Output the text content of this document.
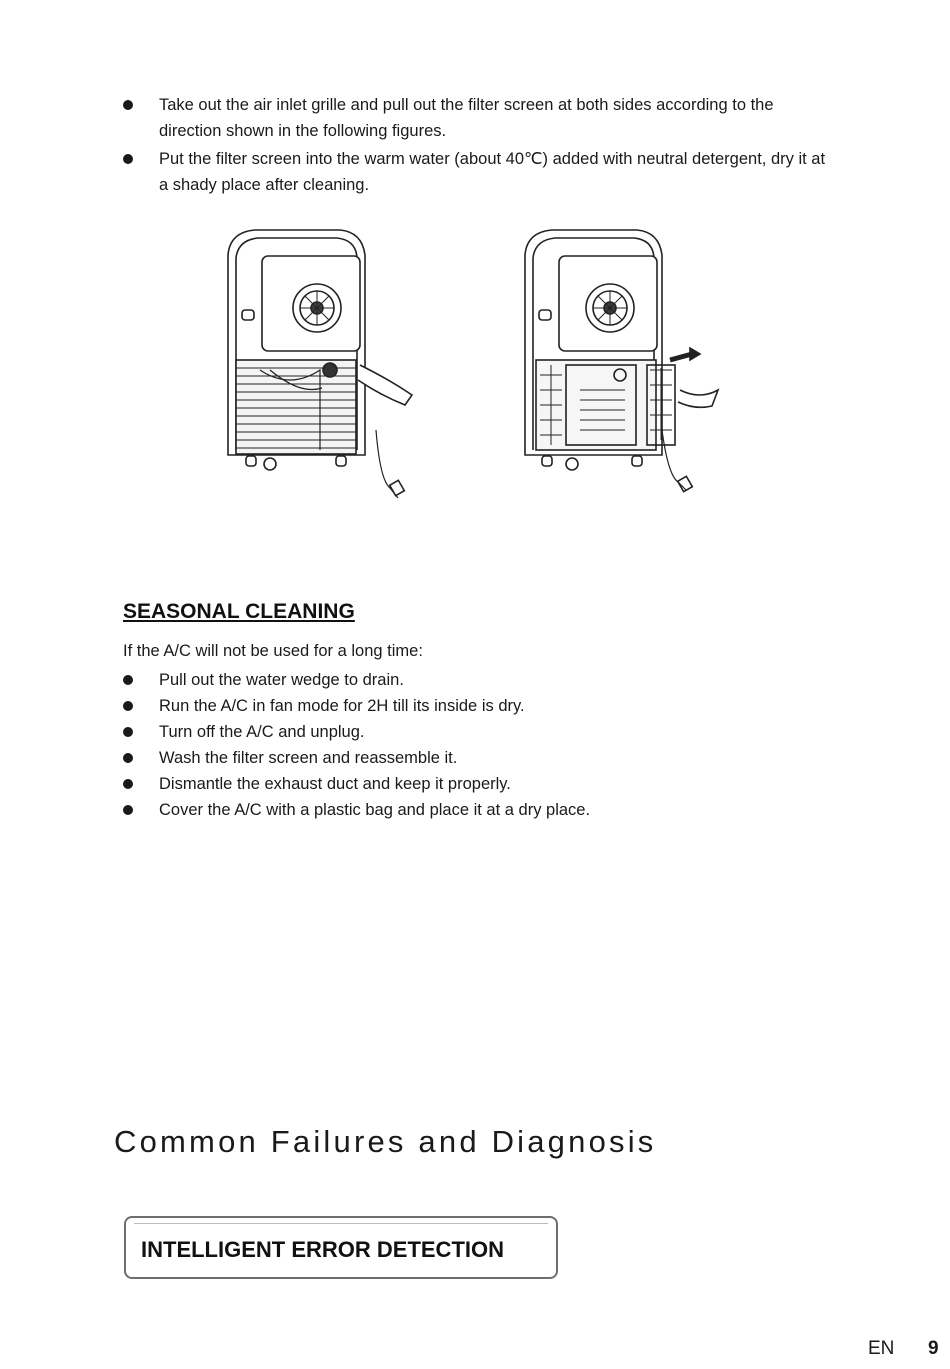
Take out the air inlet grille and pull out the filter screen at both sides according to the direction shown in the following figures.
Put the filter screen into the warm water (about 40℃) added with neutral detergent, dry it at a shady place after cleaning.
SEASONAL CLEANING

If the A/C will not be used for a long time:

Pull out the water wedge to drain.
Run the A/C in fan mode for 2H till its inside is dry.
Turn off the A/C and unplug.
Wash the filter screen and reassemble it.
Dismantle the exhaust duct and keep it properly.
Cover the A/C with a plastic bag and place it at a dry place.
Common Failures and Diagnosis
INTELLIGENT ERROR DETECTION
EN 9
